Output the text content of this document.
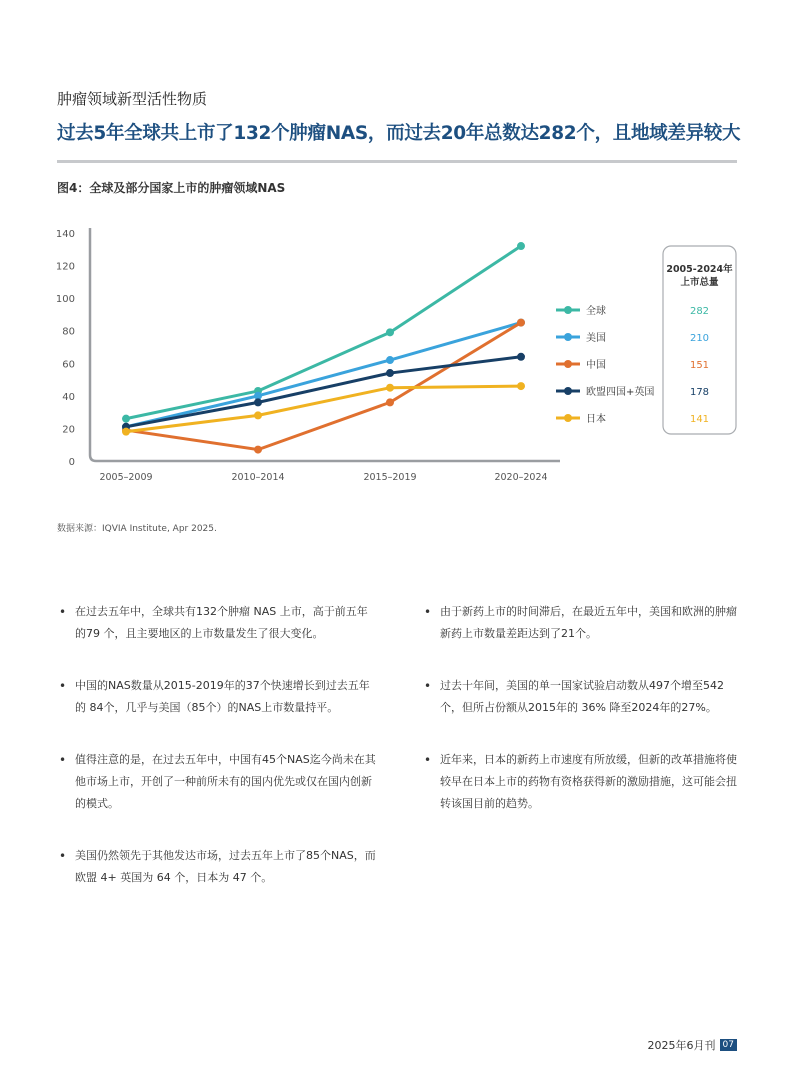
肿瘤领域新型活性物质
过去5年全球共上市了132个肿瘤NAS，而过去20年总数达282个，且地域差异较大
图4：全球及部分国家上市的肿瘤领域NAS
0
20
40
60
80
100
120
140
2005–2009	2010–2014	2015–2019	2020–2024
全球
美国
中国
欧盟四国+英国
日本
2005-2024年
上市总量
282
210
151
178
141
数据来源：IQVIA Institute, Apr 2025.
• 在过去五年中，全球共有132个肿瘤 NAS 上市，高于前五年的79 个，且主要地区的上市数量发生了很大变化。
• 中国的NAS数量从2015-2019年的37个快速增长到过去五年的 84个，几乎与美国（85个）的NAS上市数量持平。
• 值得注意的是，在过去五年中，中国有45个NAS迄今尚未在其他市场上市，开创了一种前所未有的国内优先或仅在国内创新的模式。
• 美国仍然领先于其他发达市场，过去五年上市了85个NAS，而欧盟 4+ 英国为 64 个，日本为 47 个。
• 由于新药上市的时间滞后，在最近五年中，美国和欧洲的肿瘤新药上市数量差距达到了21个。
• 过去十年间，美国的单一国家试验启动数从497个增至542个，但所占份额从2015年的 36% 降至2024年的27%。
• 近年来，日本的新药上市速度有所放缓，但新的改革措施将使较早在日本上市的药物有资格获得新的激励措施，这可能会扭转该国目前的趋势。
2025年6月刊 07
